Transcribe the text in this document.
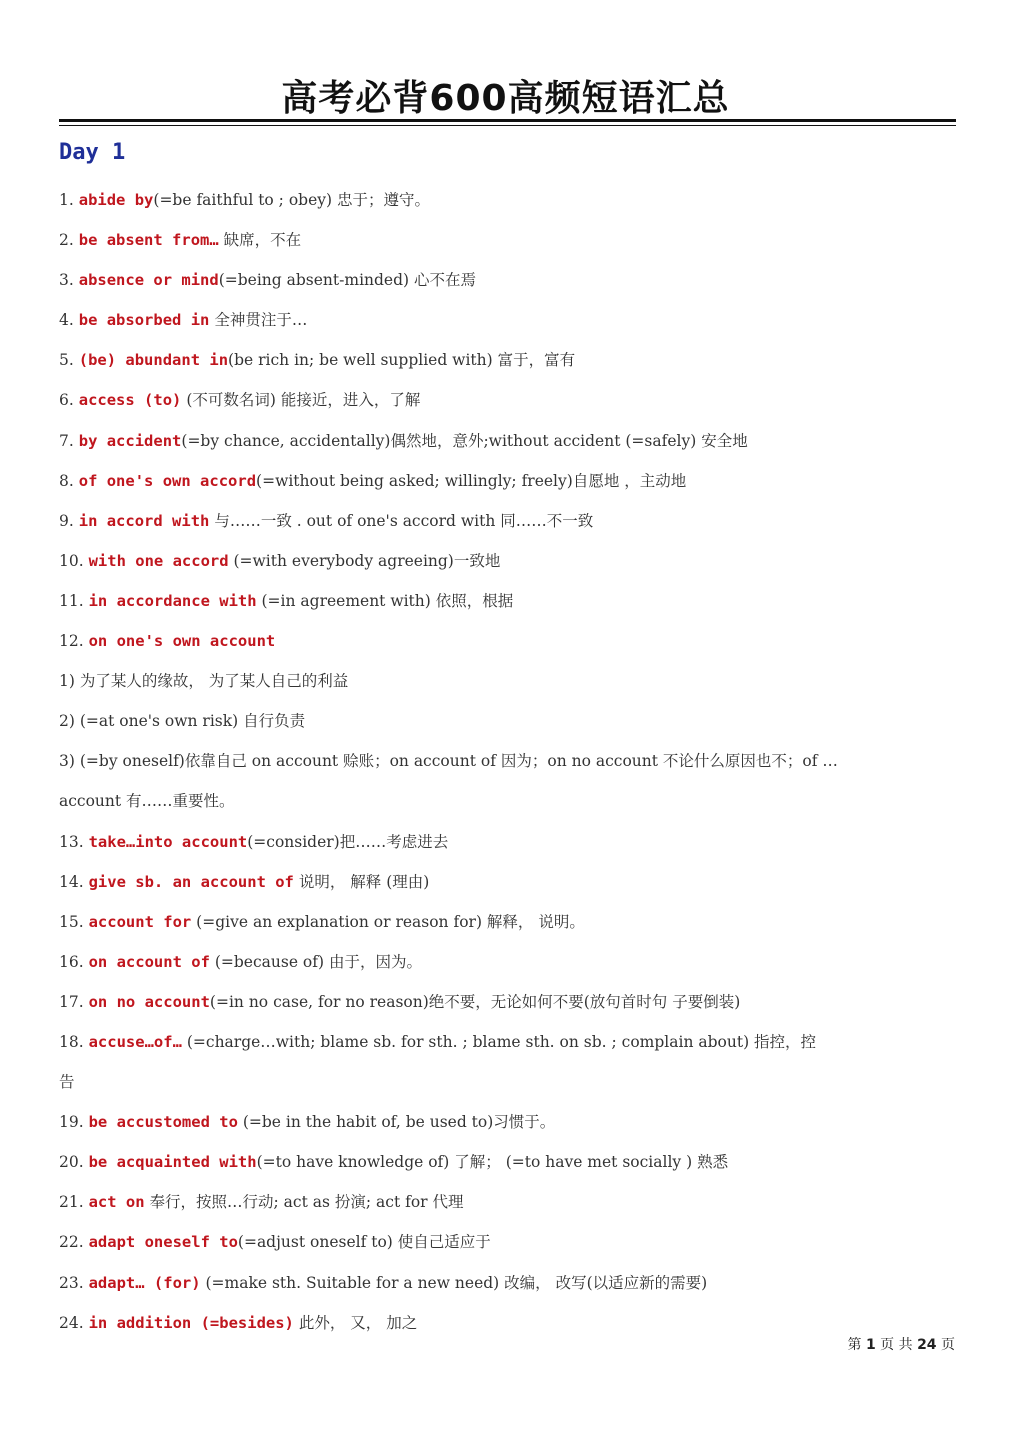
高考必背600高频短语汇总
Day 1
1. abide by(=be faithful to ; obey) 忠于；遵守。
2. be absent from… 缺席，不在
3. absence or mind(=being absent-minded) 心不在焉
4. be absorbed in 全神贯注于…
5. (be) abundant in(be rich in; be well supplied with) 富于，富有
6. access (to) (不可数名词) 能接近，进入，了解
7. by accident(=by chance, accidentally)偶然地，意外;without accident (=safely) 安全地
8. of one's own accord(=without being asked; willingly; freely)自愿地 ，主动地
9. in accord with 与……一致 . out of one's accord with 同……不一致
10. with one accord (=with everybody agreeing)一致地
11. in accordance with (=in agreement with) 依照，根据
12. on one's own account
1) 为了某人的缘故， 为了某人自己的利益
2) (=at one's own risk) 自行负责
3) (=by oneself)依靠自己 on account 赊账；on account of 因为；on no account 不论什么原因也不；of …
account 有……重要性。
13. take…into account(=consider)把……考虑进去
14. give sb. an account of 说明， 解释 (理由)
15. account for (=give an explanation or reason for) 解释， 说明。
16. on account of (=because of) 由于，因为。
17. on no account(=in no case, for no reason)绝不要，无论如何不要(放句首时句 子要倒装)
18. accuse…of… (=charge…with; blame sb. for sth. ; blame sth. on sb. ; complain about) 指控，控
告
19. be accustomed to (=be in the habit of, be used to)习惯于。
20. be acquainted with(=to have knowledge of) 了解； (=to have met socially ) 熟悉
21. act on 奉行，按照…行动; act as 扮演; act for 代理
22. adapt oneself to(=adjust oneself to) 使自己适应于
23. adapt… (for) (=make sth. Suitable for a new need) 改编， 改写(以适应新的需要)
24. in addition (=besides) 此外， 又， 加之
第 1 页 共 24 页
